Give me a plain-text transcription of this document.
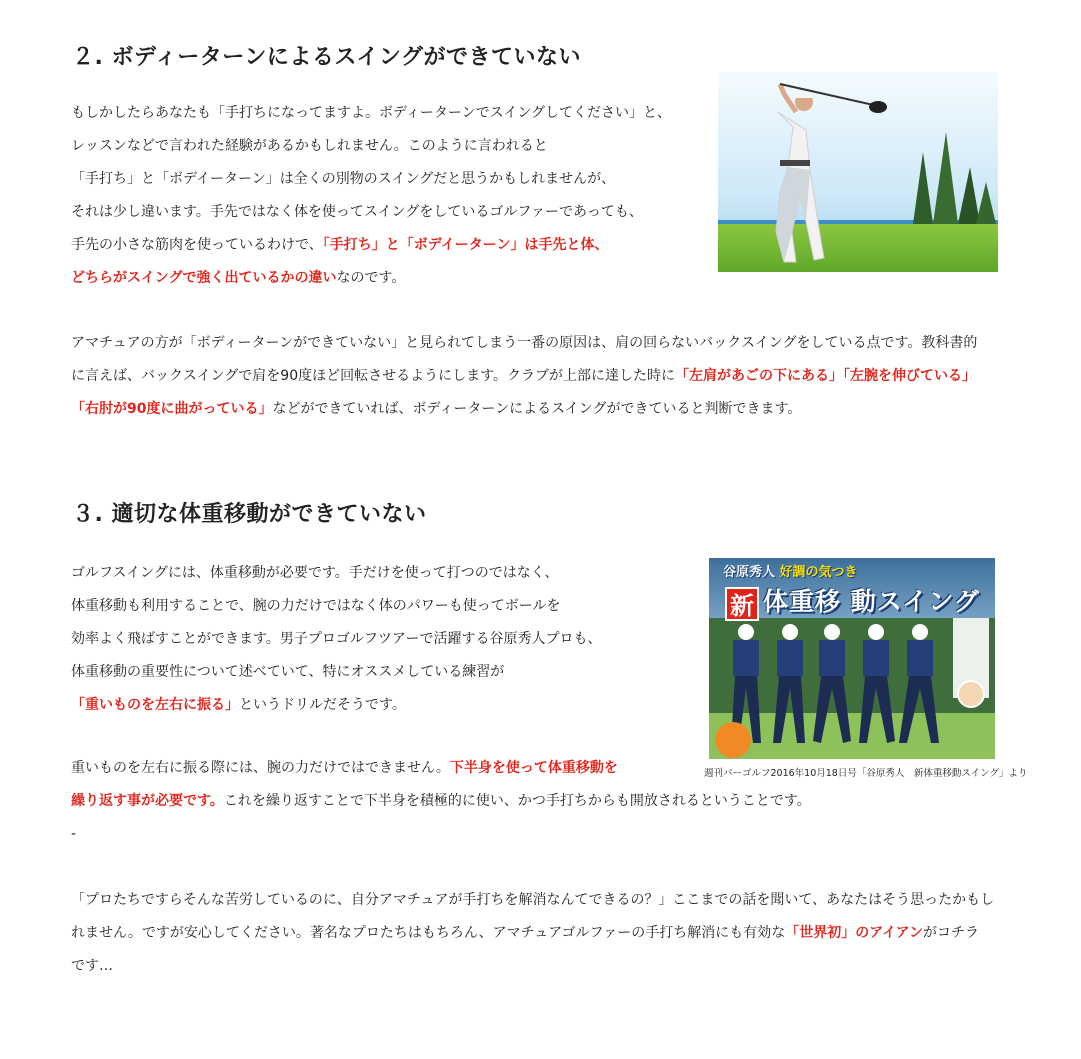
２. ボディーターンによるスイングができていない
もしかしたらあなたも「手打ちになってますよ。ボディーターンでスイングしてください」と、
レッスンなどで言われた経験があるかもしれません。このように言われると
「手打ち」と「ボデイーターン」は全くの別物のスイングだと思うかもしれませんが、
それは少し違います。手先ではなく体を使ってスイングをしているゴルファーであっても、
手先の小さな筋肉を使っているわけで、「手打ち」と「ボデイーターン」は手先と体、
どちらがスイングで強く出ているかの違いなのです。
アマチュアの方が「ボディーターンができていない」と見られてしまう一番の原因は、肩の回らないバックスイングをしている点です。教科書的
に言えば、バックスイングで肩を90度ほど回転させるようにします。クラブが上部に達した時に「左肩があごの下にある」「左腕を伸びている」
「右肘が90度に曲がっている」などができていれば、ボディーターンによるスイングができていると判断できます。
３. 適切な体重移動ができていない
ゴルフスイングには、体重移動が必要です。手だけを使って打つのではなく、
体重移動も利用することで、腕の力だけではなく体のパワーも使ってボールを
効率よく飛ばすことができます。男子プロゴルフツアーで活躍する谷原秀人プロも、
体重移動の重要性について述べていて、特にオススメしている練習が
「重いものを左右に振る」というドリルだそうです。
谷原秀人 好調の気つき
新 体重移 動スイング
週刊パーゴルフ2016年10月18日号「谷原秀人　新体重移動スイング」より
重いものを左右に振る際には、腕の力だけではできません。下半身を使って体重移動を
繰り返す事が必要です。これを繰り返すことで下半身を積極的に使い、かつ手打ちからも開放されるということです。
-
「プロたちですらそんな苦労しているのに、自分アマチュアが手打ちを解消なんてできるの？」ここまでの話を聞いて、あなたはそう思ったかもし
れません。ですが安心してください。著名なプロたちはもちろん、アマチュアゴルファーの手打ち解消にも有効な「世界初」のアイアンがコチラ
です…
